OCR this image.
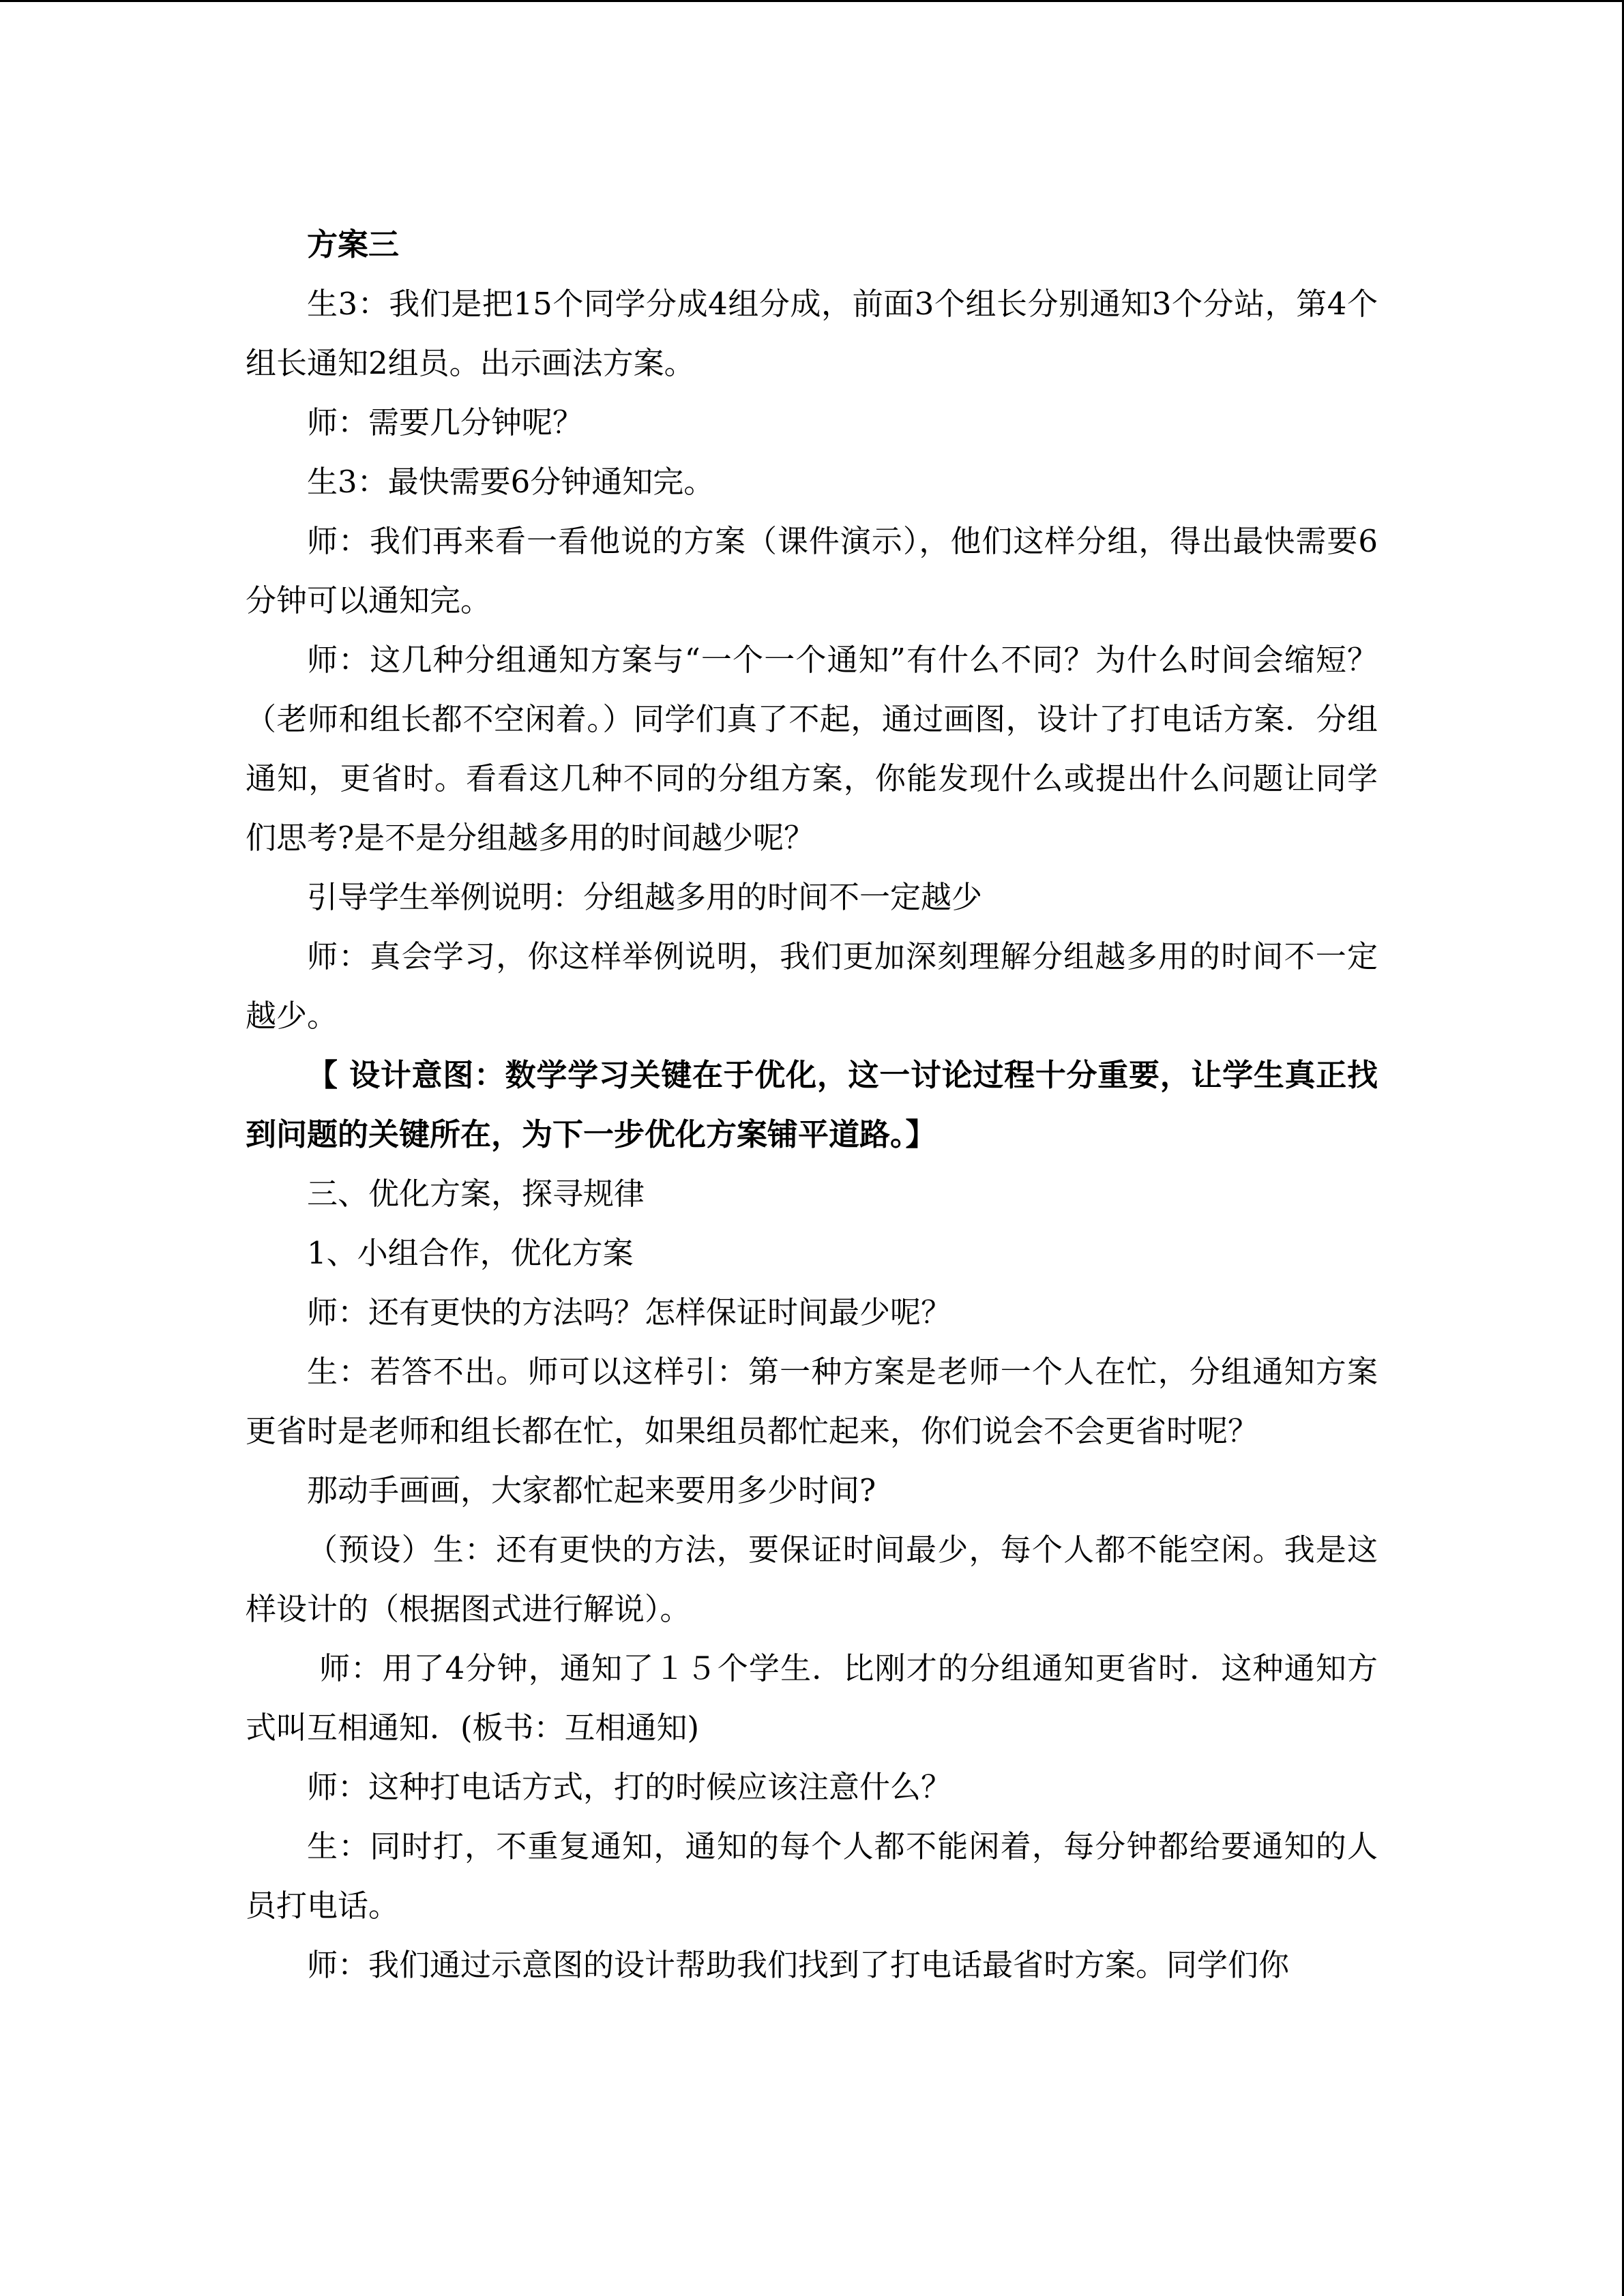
方案三

生3：我们是把15个同学分成4组分成，前面3个组长分别通知3个分站，第4个组长通知2组员。出示画法方案。

师：需要几分钟呢？

生3：最快需要6分钟通知完。

师：我们再来看一看他说的方案（课件演示），他们这样分组，得出最快需要6分钟可以通知完。

师：这几种分组通知方案与“一个一个通知”有什么不同？为什么时间会缩短？（老师和组长都不空闲着。）同学们真了不起，通过画图，设计了打电话方案．分组通知，更省时。看看这几种不同的分组方案，你能发现什么或提出什么问题让同学们思考?是不是分组越多用的时间越少呢？

引导学生举例说明：分组越多用的时间不一定越少

师：真会学习，你这样举例说明，我们更加深刻理解分组越多用的时间不一定越少。

【 设计意图：数学学习关键在于优化，这一讨论过程十分重要，让学生真正找到问题的关键所在，为下一步优化方案铺平道路。】

三、优化方案，探寻规律

1、小组合作，优化方案

师：还有更快的方法吗？怎样保证时间最少呢？

生：若答不出。师可以这样引：第一种方案是老师一个人在忙，分组通知方案更省时是老师和组长都在忙，如果组员都忙起来，你们说会不会更省时呢？

那动手画画，大家都忙起来要用多少时间?

（预设）生：还有更快的方法，要保证时间最少，每个人都不能空闲。我是这样设计的（根据图式进行解说）。

师：用了4分钟，通知了１５个学生．比刚才的分组通知更省时．这种通知方式叫互相通知．(板书：互相通知)

师：这种打电话方式，打的时候应该注意什么？

生：同时打，不重复通知，通知的每个人都不能闲着，每分钟都给要通知的人员打电话。

师：我们通过示意图的设计帮助我们找到了打电话最省时方案。同学们你
